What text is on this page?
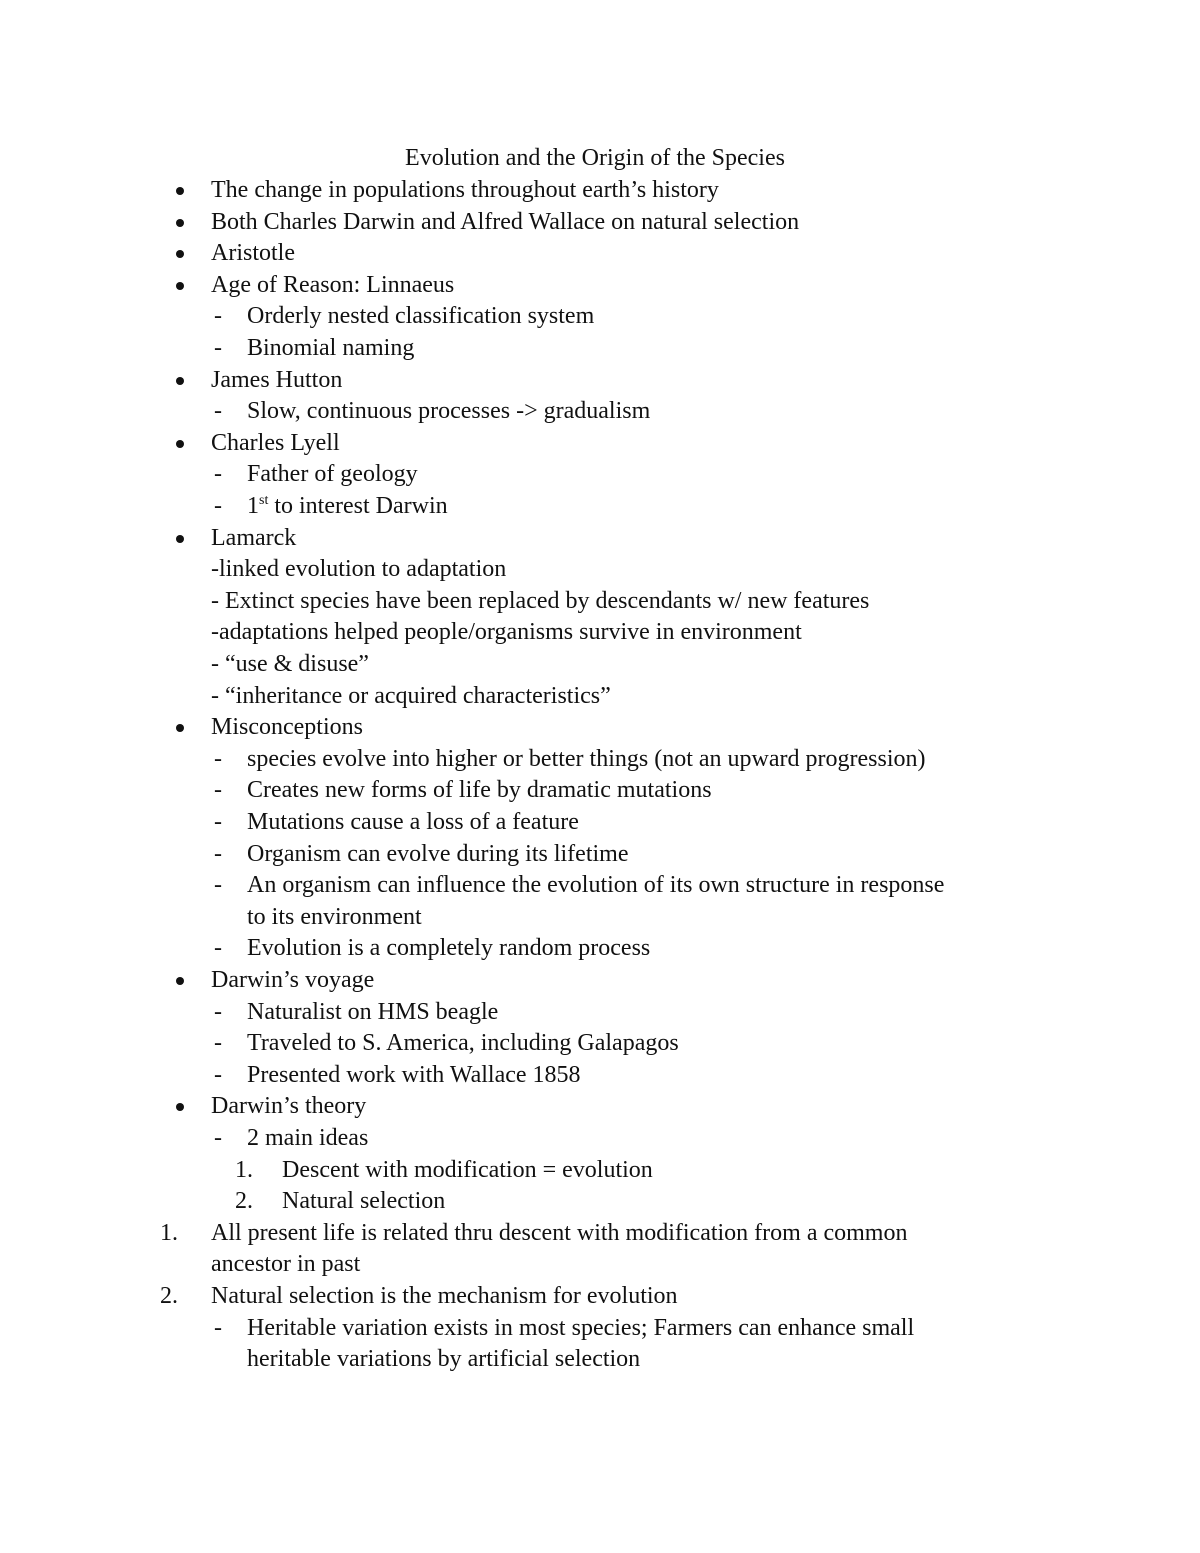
Evolution and the Origin of the Species
The change in populations throughout earth’s history
Both Charles Darwin and Alfred Wallace on natural selection
Aristotle
Age of Reason: Linnaeus
- Orderly nested classification system
- Binomial naming
James Hutton
- Slow, continuous processes -> gradualism
Charles Lyell
- Father of geology
- 1st to interest Darwin
Lamarck
-linked evolution to adaptation
- Extinct species have been replaced by descendants w/ new features
-adaptations helped people/organisms survive in environment
- “use & disuse”
- “inheritance or acquired characteristics”
Misconceptions
- species evolve into higher or better things (not an upward progression)
- Creates new forms of life by dramatic mutations
- Mutations cause a loss of a feature
- Organism can evolve during its lifetime
- An organism can influence the evolution of its own structure in response
to its environment
- Evolution is a completely random process
Darwin’s voyage
- Naturalist on HMS beagle
- Traveled to S. America, including Galapagos
- Presented work with Wallace 1858
Darwin’s theory
- 2 main ideas
1. Descent with modification = evolution
2. Natural selection
1. All present life is related thru descent with modification from a common
ancestor in past
2. Natural selection is the mechanism for evolution
- Heritable variation exists in most species; Farmers can enhance small
heritable variations by artificial selection
